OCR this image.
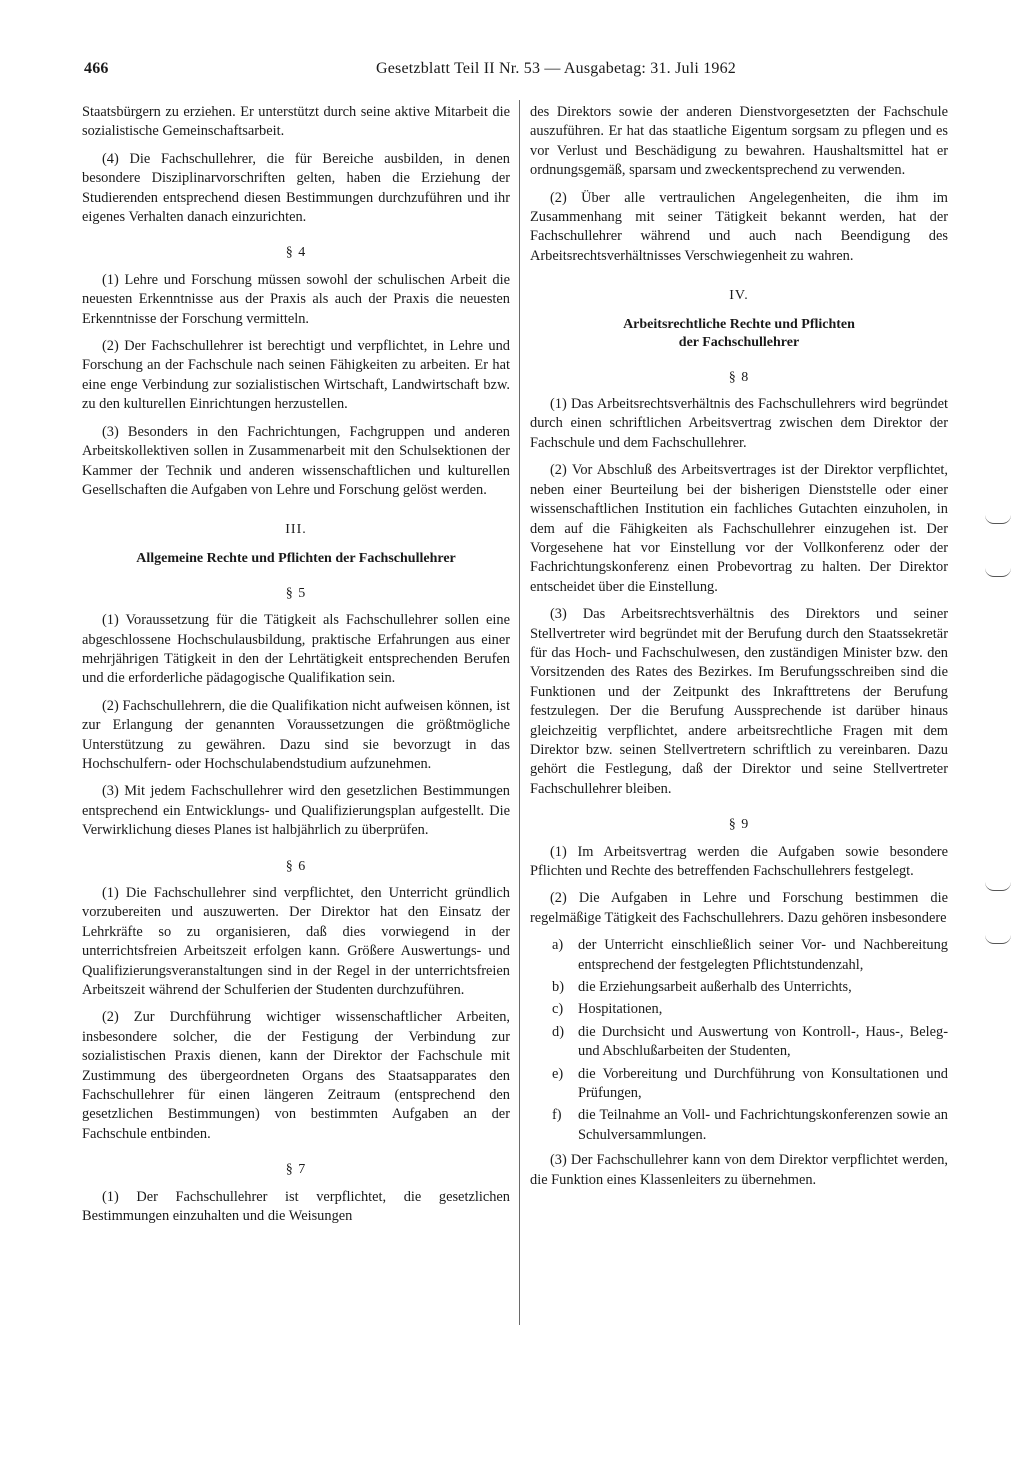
466	Gesetzblatt Teil II Nr. 53 — Ausgabetag: 31. Juli 1962

Staatsbürgern zu erziehen. Er unterstützt durch seine aktive Mitarbeit die sozialistische Gemeinschaftsarbeit.

(4) Die Fachschullehrer, die für Bereiche ausbilden, in denen besondere Disziplinarvorschriften gelten, haben die Erziehung der Studierenden entsprechend diesen Bestimmungen durchzuführen und ihr eigenes Verhalten danach einzurichten.

§ 4

(1) Lehre und Forschung müssen sowohl der schulischen Arbeit die neuesten Erkenntnisse aus der Praxis als auch der Praxis die neuesten Erkenntnisse der Forschung vermitteln.

(2) Der Fachschullehrer ist berechtigt und verpflichtet, in Lehre und Forschung an der Fachschule nach seinen Fähigkeiten zu arbeiten. Er hat eine enge Verbindung zur sozialistischen Wirtschaft, Landwirtschaft bzw. zu den kulturellen Einrichtungen herzustellen.

(3) Besonders in den Fachrichtungen, Fachgruppen und anderen Arbeitskollektiven sollen in Zusammenarbeit mit den Schulsektionen der Kammer der Technik und anderen wissenschaftlichen und kulturellen Gesellschaften die Aufgaben von Lehre und Forschung gelöst werden.

III.
Allgemeine Rechte und Pflichten der Fachschullehrer
§ 5

(1) Voraussetzung für die Tätigkeit als Fachschullehrer sollen eine abgeschlossene Hochschulausbildung, praktische Erfahrungen aus einer mehrjährigen Tätigkeit in den der Lehrtätigkeit entsprechenden Berufen und die erforderliche pädagogische Qualifikation sein.

(2) Fachschullehrern, die die Qualifikation nicht aufweisen können, ist zur Erlangung der genannten Voraussetzungen die größtmögliche Unterstützung zu gewähren. Dazu sind sie bevorzugt in das Hochschulfern- oder Hochschulabendstudium aufzunehmen.

(3) Mit jedem Fachschullehrer wird den gesetzlichen Bestimmungen entsprechend ein Entwicklungs- und Qualifizierungsplan aufgestellt. Die Verwirklichung dieses Planes ist halbjährlich zu überprüfen.

§ 6

(1) Die Fachschullehrer sind verpflichtet, den Unterricht gründlich vorzubereiten und auszuwerten. Der Direktor hat den Einsatz der Lehrkräfte so zu organisieren, daß dies vorwiegend in der unterrichtsfreien Arbeitszeit erfolgen kann. Größere Auswertungs- und Qualifizierungsveranstaltungen sind in der Regel in der unterrichtsfreien Arbeitszeit während der Schulferien der Studenten durchzuführen.

(2) Zur Durchführung wichtiger wissenschaftlicher Arbeiten, insbesondere solcher, die der Festigung der Verbindung zur sozialistischen Praxis dienen, kann der Direktor der Fachschule mit Zustimmung des übergeordneten Organs des Staatsapparates den Fachschullehrer für einen längeren Zeitraum (entsprechend den gesetzlichen Bestimmungen) von bestimmten Aufgaben an der Fachschule entbinden.

§ 7

(1) Der Fachschullehrer ist verpflichtet, die gesetzlichen Bestimmungen einzuhalten und die Weisungen

des Direktors sowie der anderen Dienstvorgesetzten der Fachschule auszuführen. Er hat das staatliche Eigentum sorgsam zu pflegen und es vor Verlust und Beschädigung zu bewahren. Haushaltsmittel hat er ordnungsgemäß, sparsam und zweckentsprechend zu verwenden.

(2) Über alle vertraulichen Angelegenheiten, die ihm im Zusammenhang mit seiner Tätigkeit bekannt werden, hat der Fachschullehrer während und auch nach Beendigung des Arbeitsrechtsverhältnisses Verschwiegenheit zu wahren.

IV.
Arbeitsrechtliche Rechte und Pflichten
der Fachschullehrer
§ 8

(1) Das Arbeitsrechtsverhältnis des Fachschullehrers wird begründet durch einen schriftlichen Arbeitsvertrag zwischen dem Direktor der Fachschule und dem Fachschullehrer.

(2) Vor Abschluß des Arbeitsvertrages ist der Direktor verpflichtet, neben einer Beurteilung bei der bisherigen Dienststelle oder einer wissenschaftlichen Institution ein fachliches Gutachten einzuholen, in dem auf die Fähigkeiten als Fachschullehrer einzugehen ist. Der Vorgesehene hat vor Einstellung vor der Vollkonferenz oder der Fachrichtungskonferenz einen Probevortrag zu halten. Der Direktor entscheidet über die Einstellung.

(3) Das Arbeitsrechtsverhältnis des Direktors und seiner Stellvertreter wird begründet mit der Berufung durch den Staatssekretär für das Hoch- und Fachschulwesen, den zuständigen Minister bzw. den Vorsitzenden des Rates des Bezirkes. Im Berufungsschreiben sind die Funktionen und der Zeitpunkt des Inkrafttretens der Berufung festzulegen. Der die Berufung Aussprechende ist darüber hinaus gleichzeitig verpflichtet, andere arbeitsrechtliche Fragen mit dem Direktor bzw. seinen Stellvertretern schriftlich zu vereinbaren. Dazu gehört die Festlegung, daß der Direktor und seine Stellvertreter Fachschullehrer bleiben.

§ 9

(1) Im Arbeitsvertrag werden die Aufgaben sowie besondere Pflichten und Rechte des betreffenden Fachschullehrers festgelegt.

(2) Die Aufgaben in Lehre und Forschung bestimmen die regelmäßige Tätigkeit des Fachschullehrers. Dazu gehören insbesondere

a) der Unterricht einschließlich seiner Vor- und Nachbereitung entsprechend der festgelegten Pflichtstundenzahl,
b) die Erziehungsarbeit außerhalb des Unterrichts,
c) Hospitationen,
d) die Durchsicht und Auswertung von Kontroll-, Haus-, Beleg- und Abschlußarbeiten der Studenten,
e) die Vorbereitung und Durchführung von Konsultationen und Prüfungen,
f) die Teilnahme an Voll- und Fachrichtungskonferenzen sowie an Schulversammlungen.

(3) Der Fachschullehrer kann von dem Direktor verpflichtet werden, die Funktion eines Klassenleiters zu übernehmen.
